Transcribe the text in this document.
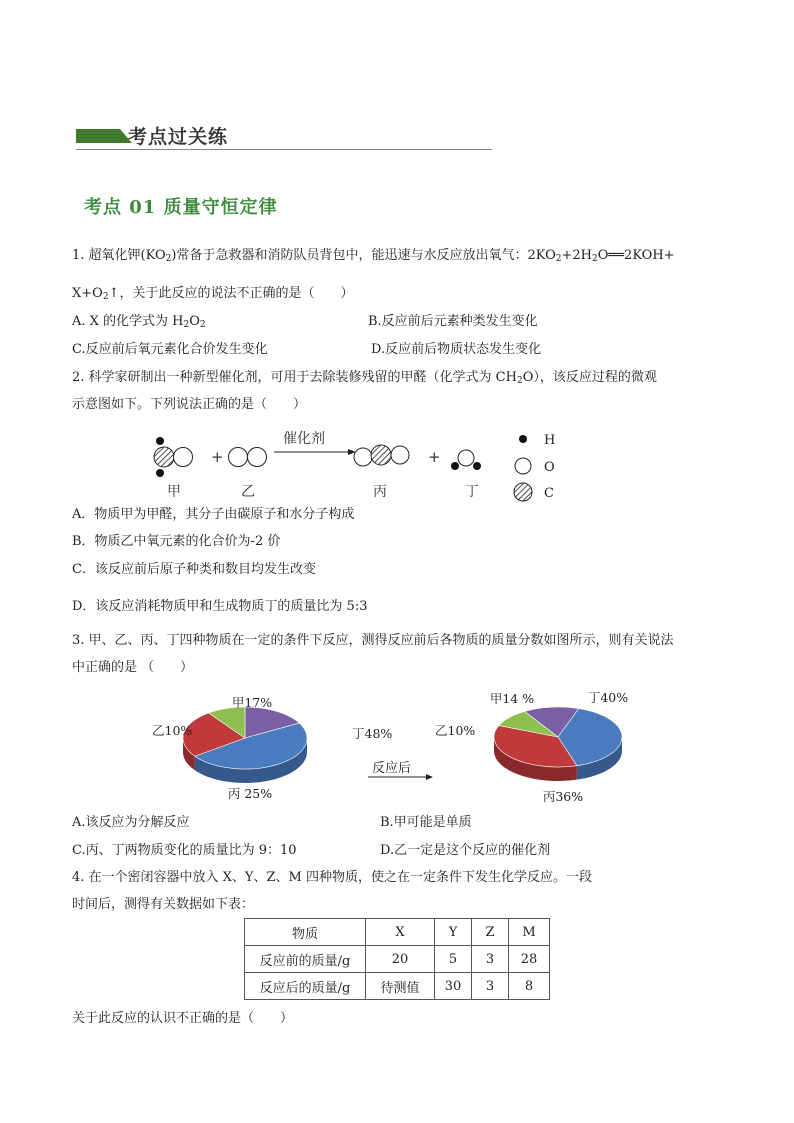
考点过关练
考点 01 质量守恒定律
1. 超氧化钾$(KO_2)$常备于急救器和消防队员背包中，能迅速与水反应放出氧气：$2KO_2+2H_2O══2KOH+$
$X+O_2↑$，关于此反应的说法不正确的是（　　）
A. X 的化学式为 $H_2O_2$	B.反应前后元素种类发生变化
C.反应前后氧元素化合价发生变化	D.反应前后物质状态发生变化
2. 科学家研制出一种新型催化剂，可用于去除装修残留的甲醛（化学式为 $CH_2O$），该反应过程的微观
示意图如下。下列说法正确的是（　　）
+
催化剂
+
H
O
C
甲	乙	丙	丁
A．物质甲为甲醛，其分子由碳原子和水分子构成
B．物质乙中氧元素的化合价为-2 价
C．该反应前后原子种类和数目均发生改变
D．该反应消耗物质甲和生成物质丁的质量比为 5:3
3. 甲、乙、丙、丁四种物质在一定的条件下反应，测得反应前后各物质的质量分数如图所示，则有关说法
中正确的是 （　　）
甲17%
乙10%
丙 25%
丁48%
甲14 %
乙10%
丙36%
丁40%
反应后
A.该反应为分解反应	B.甲可能是单质
C.丙、丁两物质变化的质量比为 9：10	D.乙一定是这个反应的催化剂
4. 在一个密闭容器中放入 X、Y、Z、M 四种物质，使之在一定条件下发生化学反应。一段
时间后，测得有关数据如下表：
物质	X	Y	Z	M
反应前的质量/g	20	5	3	28
反应后的质量/g	待测值	30	3	8
关于此反应的认识不正确的是（　　）
